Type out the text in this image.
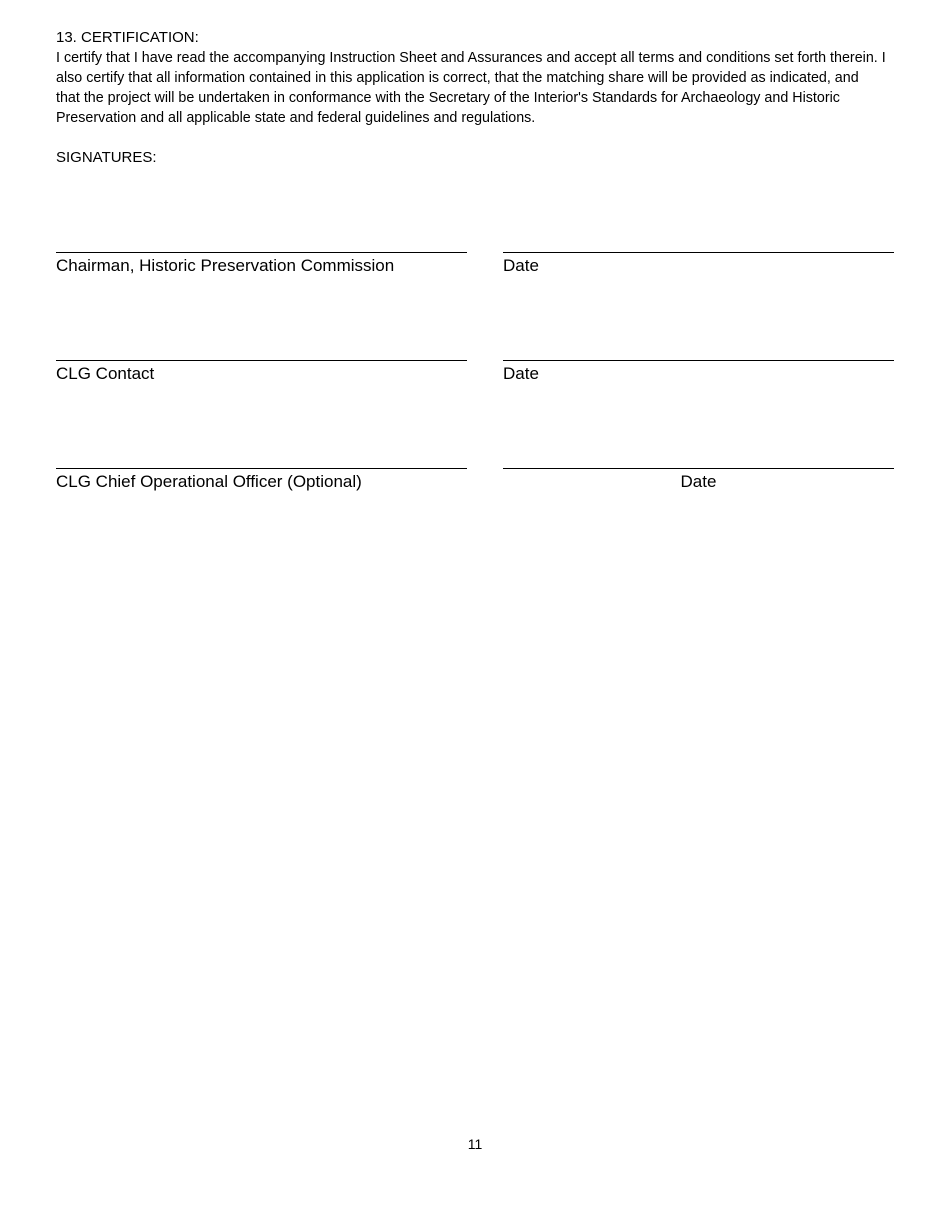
13. CERTIFICATION:

I certify that I have read the accompanying Instruction Sheet and Assurances and accept all terms and conditions set forth therein. I also certify that all information contained in this application is correct, that the matching share will be provided as indicated, and that the project will be undertaken in conformance with the Secretary of the Interior's Standards for Archaeology and Historic Preservation and all applicable state and federal guidelines and regulations.

SIGNATURES:

Chairman, Historic Preservation Commission	Date
CLG Contact	Date
CLG Chief Operational Officer (Optional)	Date
11
